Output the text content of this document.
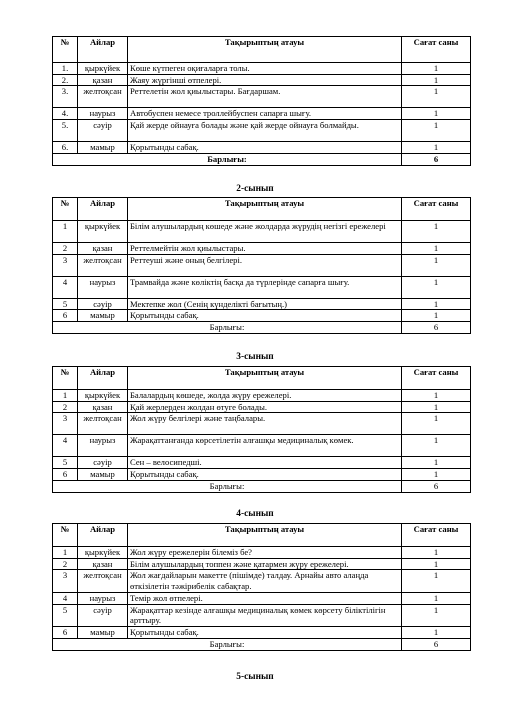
№	Айлар	Тақырыптың атауы	Сағат саны
1.	қыркүйек	Көше күтпеген оқиғаларға толы.	1
2.	қазан	Жаяу жүргінші өтпелері.	1
3.	желтоқсан	Реттелетін жол қиылыстары. Бағдаршам.	1
4.	наурыз	Автобуспен немесе троллейбуспен сапарға шығу.	1
5.	сәуір	Қай жерде ойнауға болады және қай жерде ойнауға болмайды.	1
6.	мамыр	Қорытынды сабақ.	1
Барлығы:			6
2-сынып
№	Айлар	Тақырыптың атауы	Сағат саны
1	қыркүйек	Білім алушылардың көшеде және жолдарда жүрудің негізгі ережелері	1
2	қазан	Реттелмейтін жол қиылыстары.	1
3	желтоқсан	Реттеуші және оның белгілері.	1
4	наурыз	Трамвайда және көліктің басқа да түрлерінде сапарға шығу.	1
5	сәуір	Мектепке жол (Сенің күнделікті бағытың.)	1
6	мамыр	Қорытынды сабақ.	1
Барлығы:			6
3-сынып
№	Айлар	Тақырыптың атауы	Сағат саны
1	қыркүйек	Балалардың көшеде, жолда жүру ережелері.	1
2	қазан	Қай жерлерден жолдан өтуге болады.	1
3	желтоқсан	Жол жүру белгілері және таңбалары.	1
4	наурыз	Жарақаттанғанда көрсетілетін алғашқы медициналық көмек.	1
5	сәуір	Сен – велосипедші.	1
6	мамыр	Қорытынды сабақ.	1
Барлығы:			6
4-сынып
№	Айлар	Тақырыптың атауы	Сағат саны
1	қыркүйек	Жол жүру ережелерін білеміз бе?	1
2	қазан	Білім алушылардың топпен және қатармен жүру ережелері.	1
3	желтоқсан	Жол жағдайларын макетте (пішімде) талдау. Арнайы авто алаңда өткізілетін тәжірибелік сабақтар.	1
4	наурыз	Темір жол өтпелері.	1
5	сәуір	Жарақаттар кезінде алғашқы медициналық көмек көрсету біліктілігін арттыру.	1
6	мамыр	Қорытынды сабақ.	1
Барлығы:			6
5-сынып
